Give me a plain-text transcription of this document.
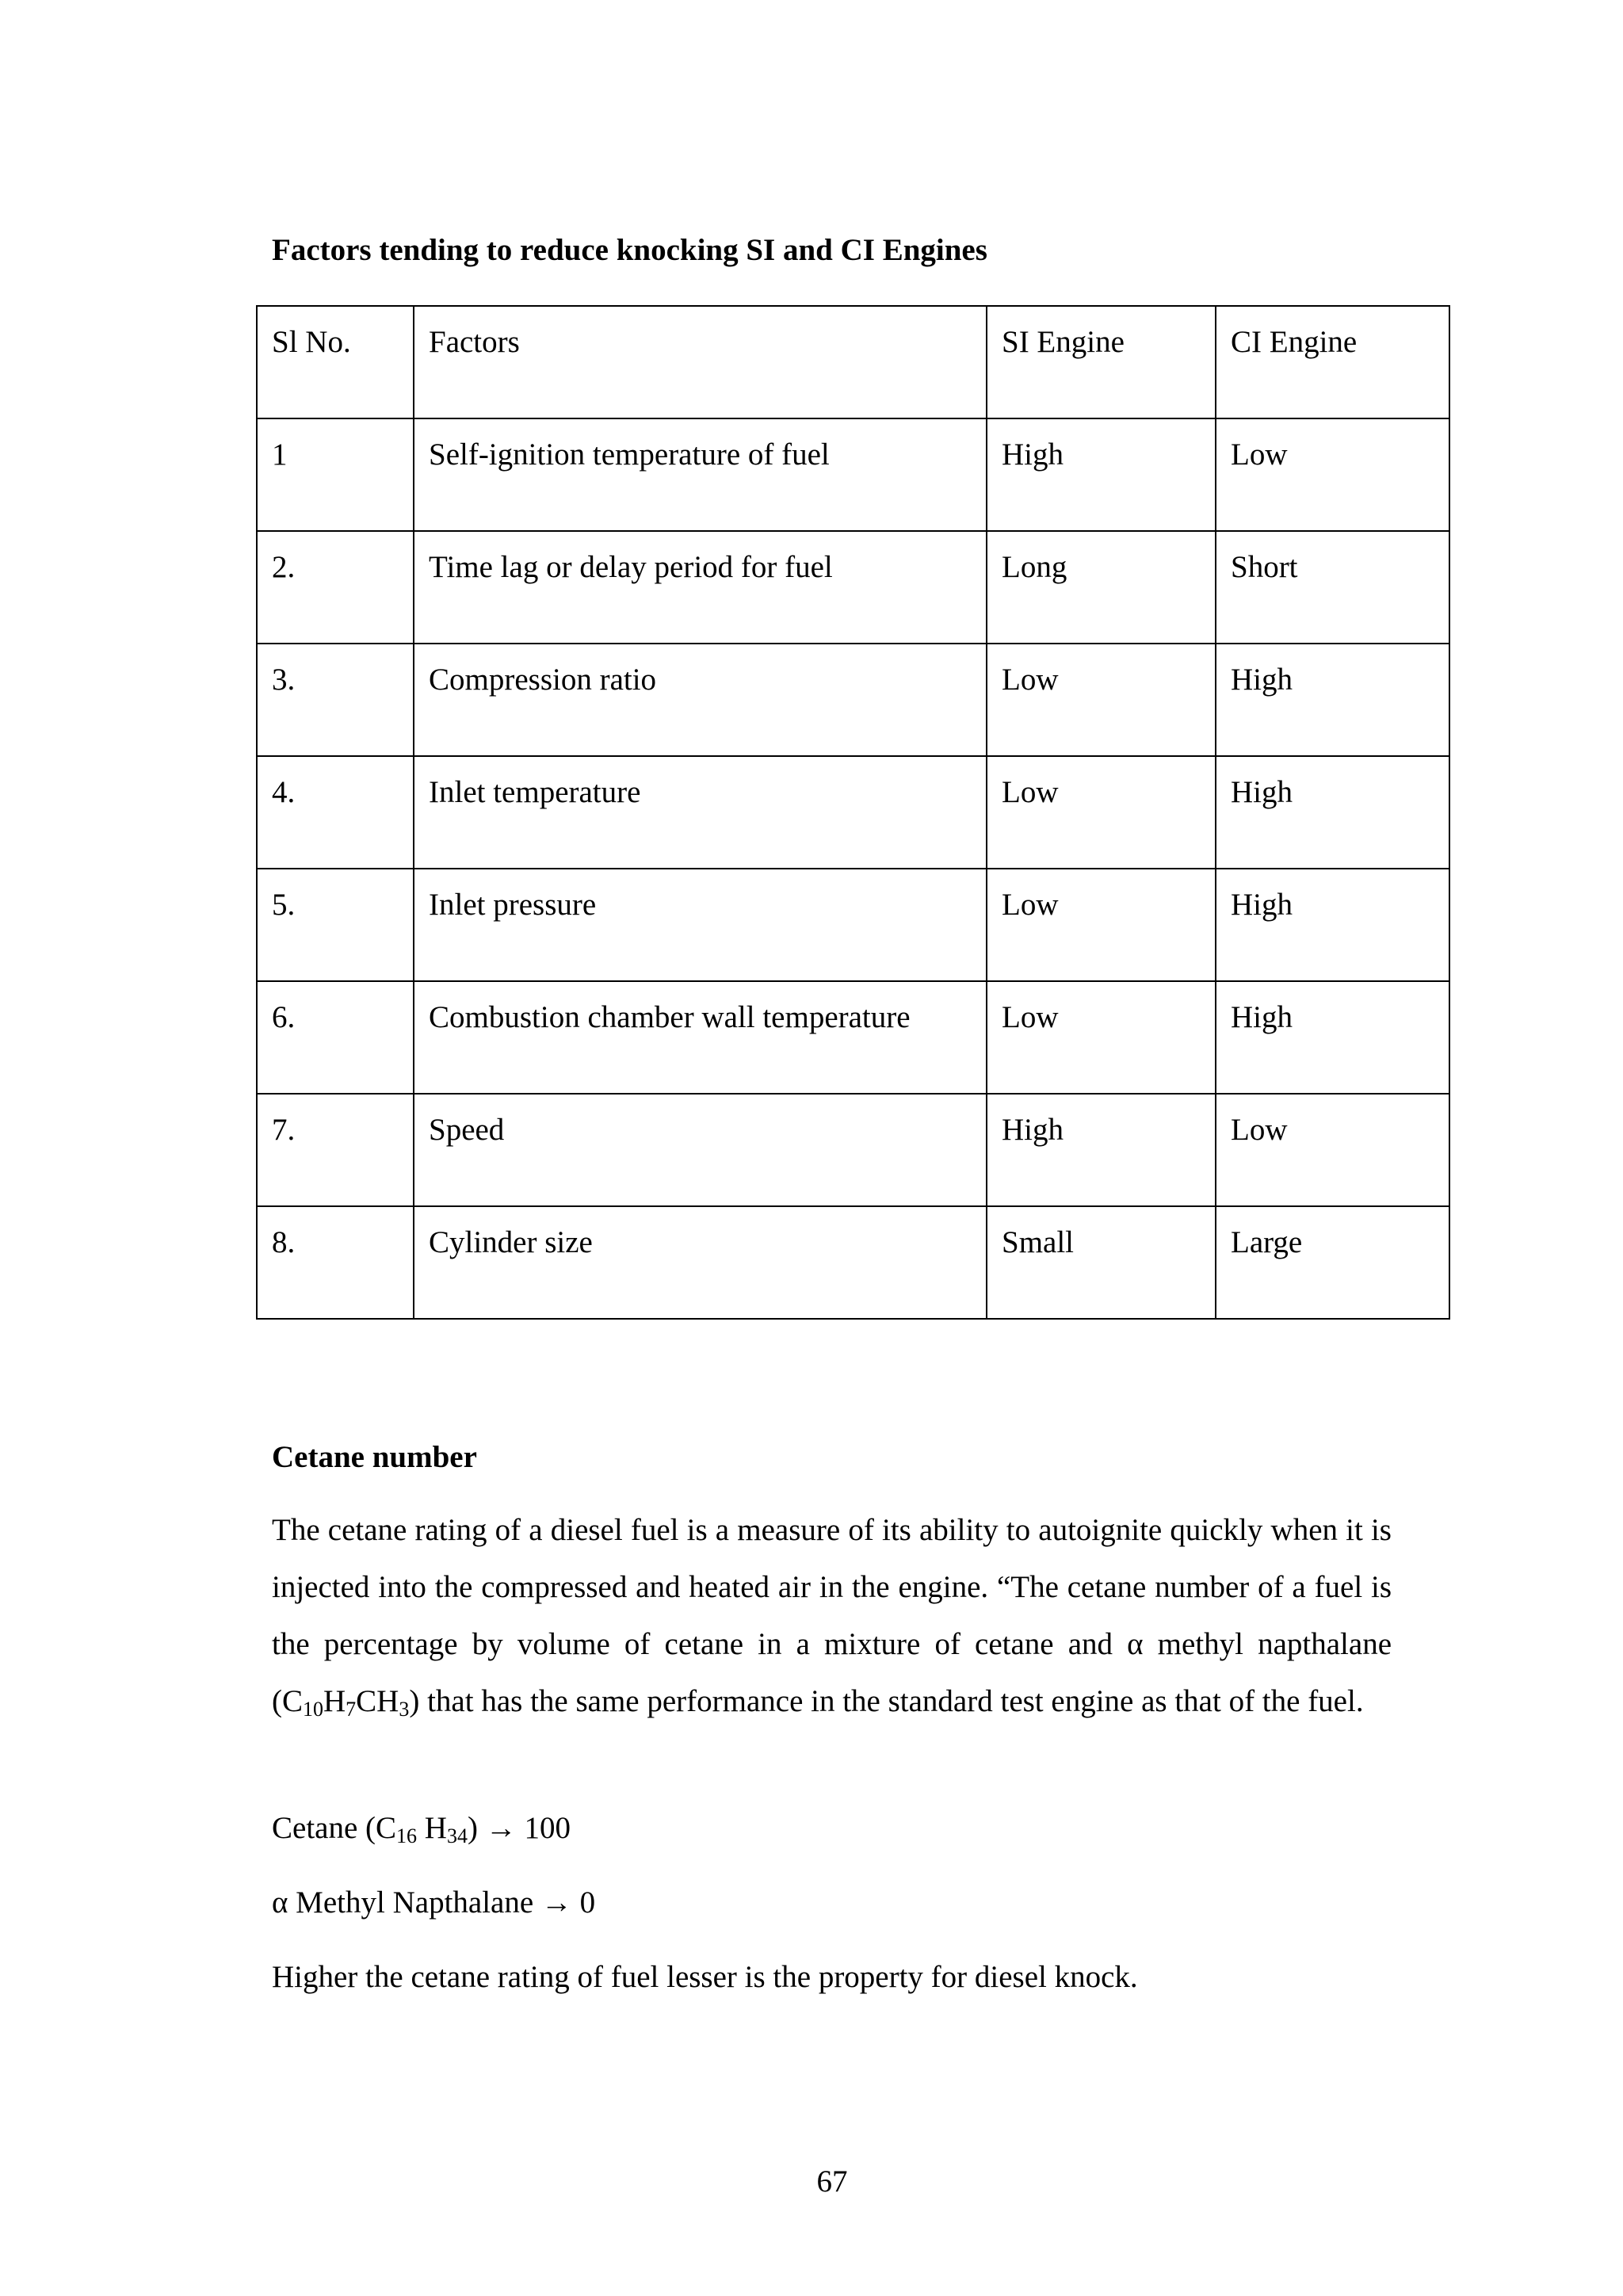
Factors tending to reduce knocking SI and CI Engines
Sl No.	Factors	SI Engine	CI Engine
1	Self-ignition temperature of fuel	High	Low
2.	Time lag or delay period for fuel	Long	Short
3.	Compression ratio	Low	High
4.	Inlet temperature	Low	High
5.	Inlet pressure	Low	High
6.	Combustion chamber wall temperature	Low	High
7.	Speed	High	Low
8.	Cylinder size	Small	Large
Cetane number

The cetane rating of a diesel fuel is a measure of its ability to autoignite quickly when it is injected into the compressed and heated air in the engine. “The cetane number of a fuel is the percentage by volume of cetane in a mixture of cetane and α methyl napthalane $(C_{10}H_7CH_3)$ that has the same performance in the standard test engine as that of the fuel.

Cetane ($C_{16}$ $H_{34}) \to 100$

α Methyl Napthalane → 0

Higher the cetane rating of fuel lesser is the property for diesel knock.

67
